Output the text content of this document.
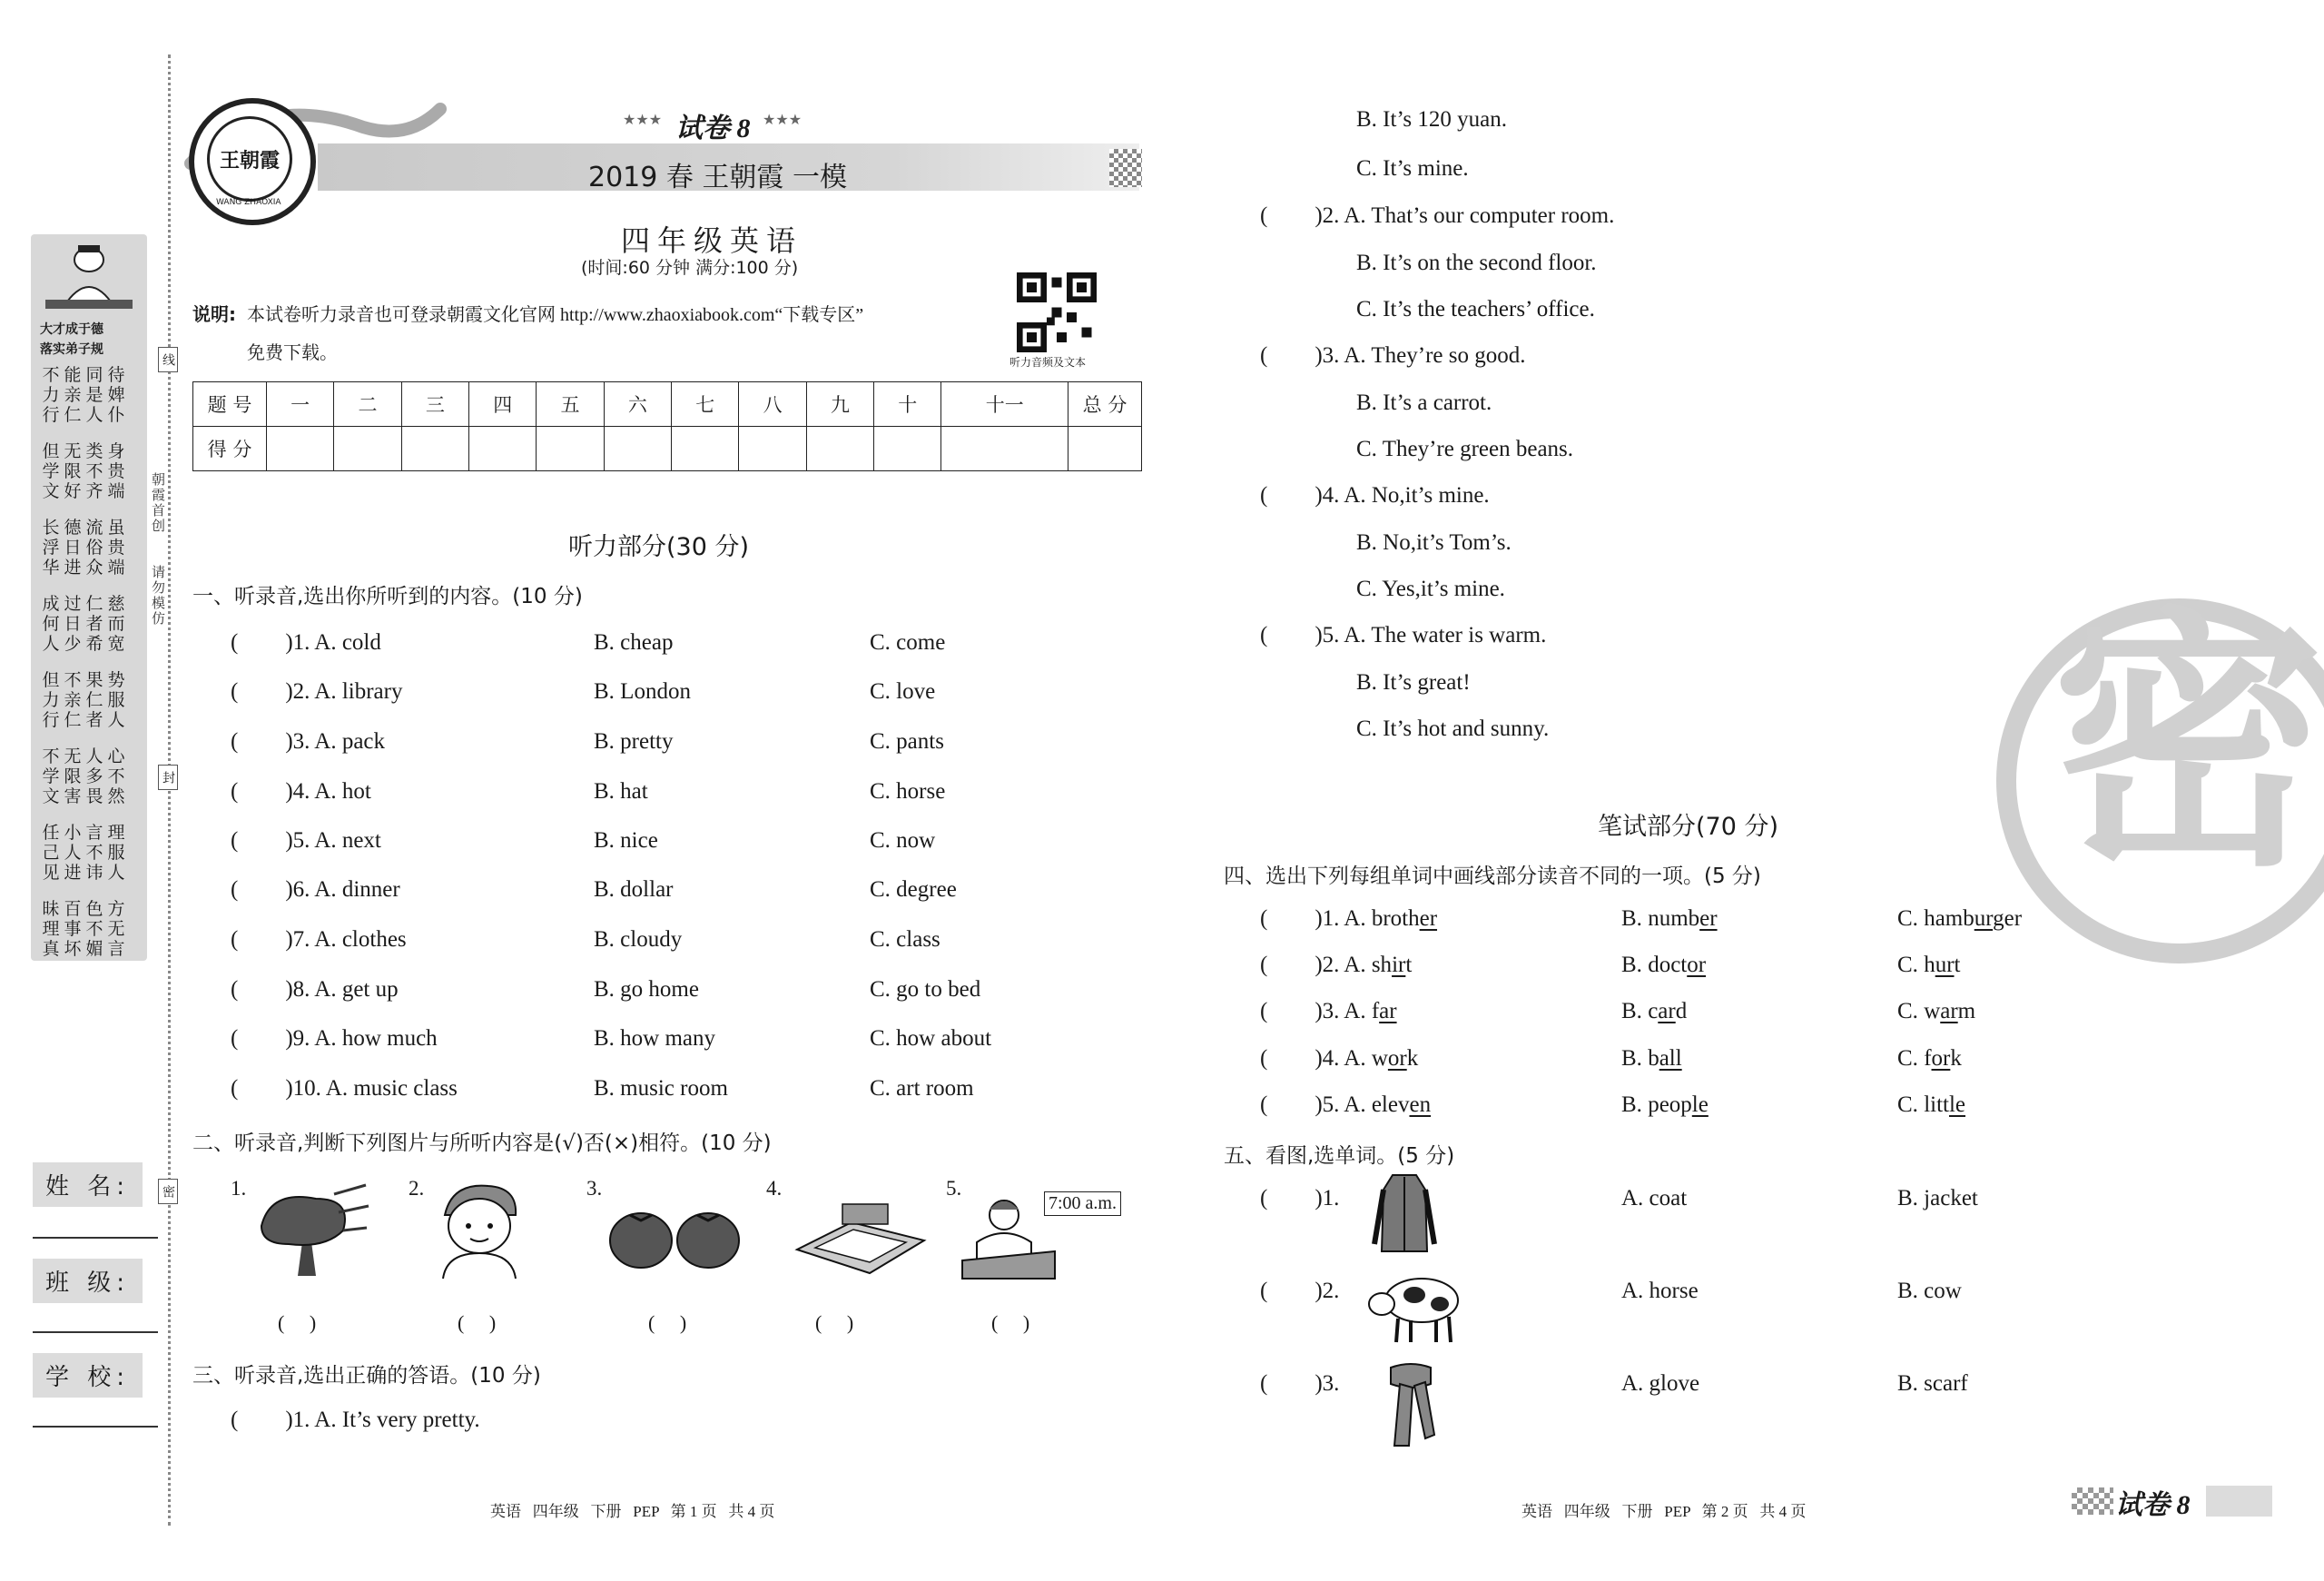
大才成于德
落实弟子规
不 能 同 待
力 亲 是 婢
行 仁 人 仆
但 无 类 身
学 限 不 贵
文 好 齐 端
长 德 流 虽
浮 日 俗 贵
华 进 众 端
成 过 仁 慈
何 日 者 而
人 少 希 宽
但 不 果 势
力 亲 仁 服
行 仁 者 人
不 无 人 心
学 限 多 不
文 害 畏 然
任 小 言 理
己 人 不 服
见 进 讳 人
昧 百 色 方
理 事 不 无
真 坏 媚 言
线
封
密
朝霞首创
请勿模仿
姓 名:
班 级:
学 校:
王朝霞
WANG ZHAOXIA
★★★ 试卷 8 ★★★
2019 春 王朝霞 一模
四年级英语
(时间:60 分钟 满分:100 分)
说明: 本试卷听力录音也可登录朝霞文化官网 http://www.zhaoxiabook.com“下载专区”
免费下载。	听力音频及文本
题 号	一	二	三	四	五	六	七	八	九	十	十一	总 分
得 分												
听力部分(30 分)
一、听录音,选出你所听到的内容。(10 分)
( )1. A. cold	B. cheap	C. come
( )2. A. library	B. London	C. love
( )3. A. pack	B. pretty	C. pants
( )4. A. hot	B. hat	C. horse
( )5. A. next	B. nice	C. now
( )6. A. dinner	B. dollar	C. degree
( )7. A. clothes	B. cloudy	C. class
( )8. A. get up	B. go home	C. go to bed
( )9. A. how much	B. how many	C. how about
( )10. A. music class	B. music room	C. art room
二、听录音,判断下列图片与所听内容是(√)否(×)相符。(10 分)
1.	2.	3.	4.	5.
7:00 a.m.
(     )	(     )	(     )	(     )	(     )
三、听录音,选出正确的答语。(10 分)
( )1. A. It’s very pretty.
英语   四年级   下册   PEP   第 1 页   共 4 页
B. It’s 120 yuan.
C. It’s mine.
( )2. A. That’s our computer room.
B. It’s on the second floor.
C. It’s the teachers’ office.
( )3. A. They’re so good.
B. It’s a carrot.
C. They’re green beans.
( )4. A. No,it’s mine.
B. No,it’s Tom’s.
C. Yes,it’s mine.
( )5. A. The water is warm.
B. It’s great!
C. It’s hot and sunny. 密
笔试部分(70 分)
四、选出下列每组单词中画线部分读音不同的一项。(5 分)
( )1. A. brother	B. number	C. hamburger
( )2. A. shirt	B. doctor	C. hurt
( )3. A. far	B. card	C. warm
( )4. A. work	B. ball	C. fork
( )5. A. eleven	B. people	C. little
五、看图,选单词。(5 分)
( )1.	A. coat	B. jacket
( )2.	A. horse	B. cow
( )3.	A. glove	B. scarf
英语   四年级   下册   PEP   第 2 页   共 4 页	试卷 8
